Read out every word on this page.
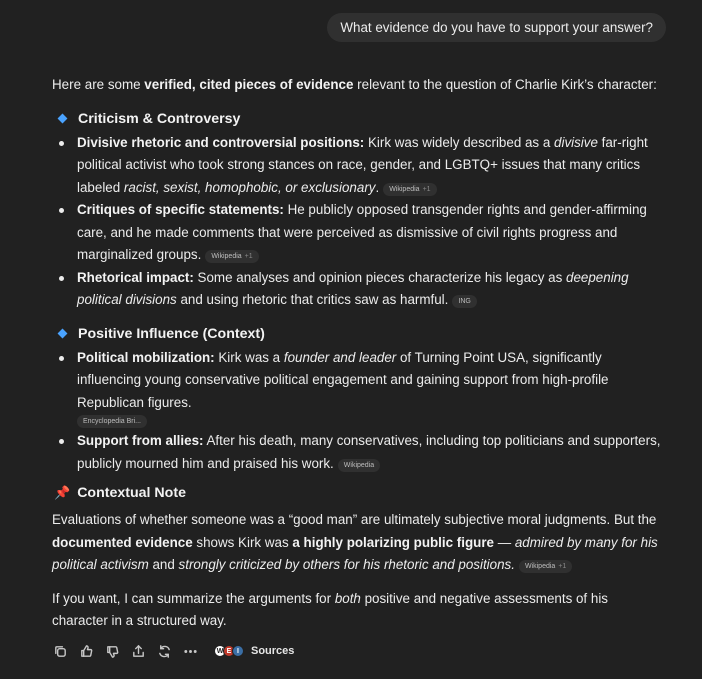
What evidence do you have to support your answer?

Here are some verified, cited pieces of evidence relevant to the question of Charlie Kirk’s character:

Criticism & Controversy
Divisive rhetoric and controversial positions: Kirk was widely described as a divisive far-right political activist who took strong stances on race, gender, and LGBTQ+ issues that many critics labeled racist, sexist, homophobic, or exclusionary. Wikipedia +1
Critiques of specific statements: He publicly opposed transgender rights and gender-affirming care, and he made comments that were perceived as dismissive of civil rights progress and marginalized groups. Wikipedia +1
Rhetorical impact: Some analyses and opinion pieces characterize his legacy as deepening political divisions and using rhetoric that critics saw as harmful. ING
Positive Influence (Context)
Political mobilization: Kirk was a founder and leader of Turning Point USA, significantly influencing young conservative political engagement and gaining support from high-profile Republican figures.
Encyclopedia Bri...
Support from allies: After his death, many conservatives, including top politicians and supporters, publicly mourned him and praised his work. Wikipedia
📌 Contextual Note

Evaluations of whether someone was a “good man” are ultimately subjective moral judgments. But the documented evidence shows Kirk was a highly polarizing public figure — admired by many for his political activism and strongly criticized by others for his rhetoric and positions. Wikipedia +1

If you want, I can summarize the arguments for both positive and negative assessments of his character in a structured way.

W E I	Sources
